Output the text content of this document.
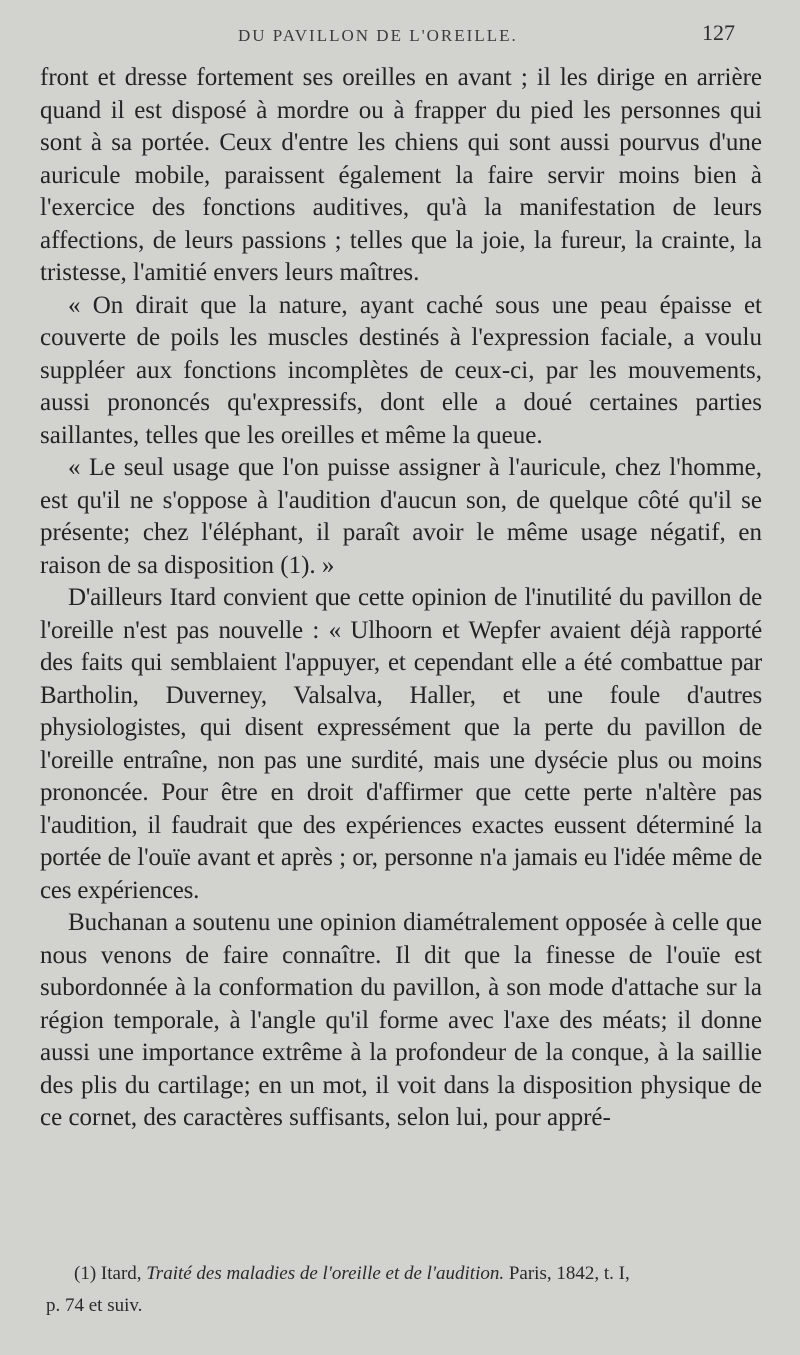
DU PAVILLON DE L'OREILLE.	127

front et dresse fortement ses oreilles en avant ; il les dirige en arrière quand il est disposé à mordre ou à frapper du pied les personnes qui sont à sa portée. Ceux d'entre les chiens qui sont aussi pourvus d'une auricule mobile, paraissent également la faire servir moins bien à l'exercice des fonctions auditives, qu'à la manifestation de leurs affections, de leurs passions ; telles que la joie, la fureur, la crainte, la tristesse, l'amitié envers leurs maîtres.

« On dirait que la nature, ayant caché sous une peau épaisse et couverte de poils les muscles destinés à l'expression faciale, a voulu suppléer aux fonctions incomplètes de ceux-ci, par les mouvements, aussi prononcés qu'expressifs, dont elle a doué certaines parties saillantes, telles que les oreilles et même la queue.

« Le seul usage que l'on puisse assigner à l'auricule, chez l'homme, est qu'il ne s'oppose à l'audition d'aucun son, de quelque côté qu'il se présente; chez l'éléphant, il paraît avoir le même usage négatif, en raison de sa disposition (1). »

D'ailleurs Itard convient que cette opinion de l'inutilité du pavillon de l'oreille n'est pas nouvelle : « Ulhoorn et Wepfer avaient déjà rapporté des faits qui semblaient l'appuyer, et cependant elle a été combattue par Bartholin, Duverney, Valsalva, Haller, et une foule d'autres physiologistes, qui disent expressément que la perte du pavillon de l'oreille entraîne, non pas une surdité, mais une dysécie plus ou moins prononcée. Pour être en droit d'affirmer que cette perte n'altère pas l'audition, il faudrait que des expériences exactes eussent déterminé la portée de l'ouïe avant et après ; or, personne n'a jamais eu l'idée même de ces expériences.

Buchanan a soutenu une opinion diamétralement opposée à celle que nous venons de faire connaître. Il dit que la finesse de l'ouïe est subordonnée à la conformation du pavillon, à son mode d'attache sur la région temporale, à l'angle qu'il forme avec l'axe des méats; il donne aussi une importance extrême à la profondeur de la conque, à la saillie des plis du cartilage; en un mot, il voit dans la disposition physique de ce cornet, des caractères suffisants, selon lui, pour appré-

(1) Itard, Traité des maladies de l'oreille et de l'audition. Paris, 1842, t. I,
p. 74 et suiv.
